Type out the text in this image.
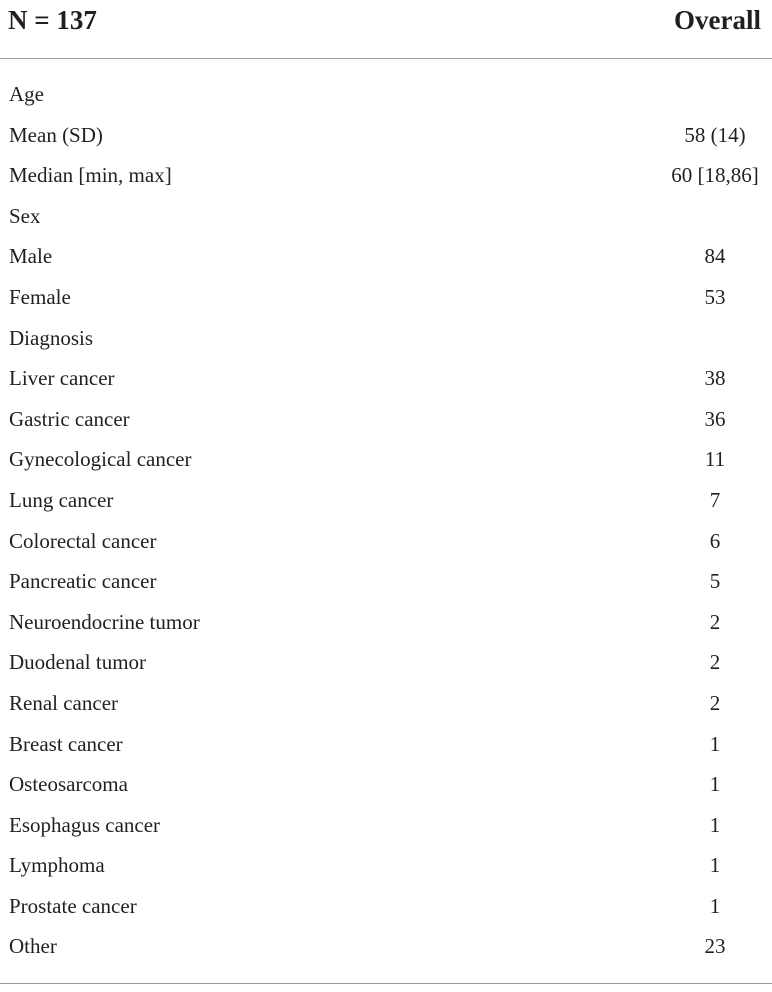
N = 137	Overall
Age
Mean (SD)	58 (14)
Median [min, max]	60 [18,86]
Sex
Male	84
Female	53
Diagnosis
Liver cancer	38
Gastric cancer	36
Gynecological cancer	11
Lung cancer	7
Colorectal cancer	6
Pancreatic cancer	5
Neuroendocrine tumor	2
Duodenal tumor	2
Renal cancer	2
Breast cancer	1
Osteosarcoma	1
Esophagus cancer	1
Lymphoma	1
Prostate cancer	1
Other	23
